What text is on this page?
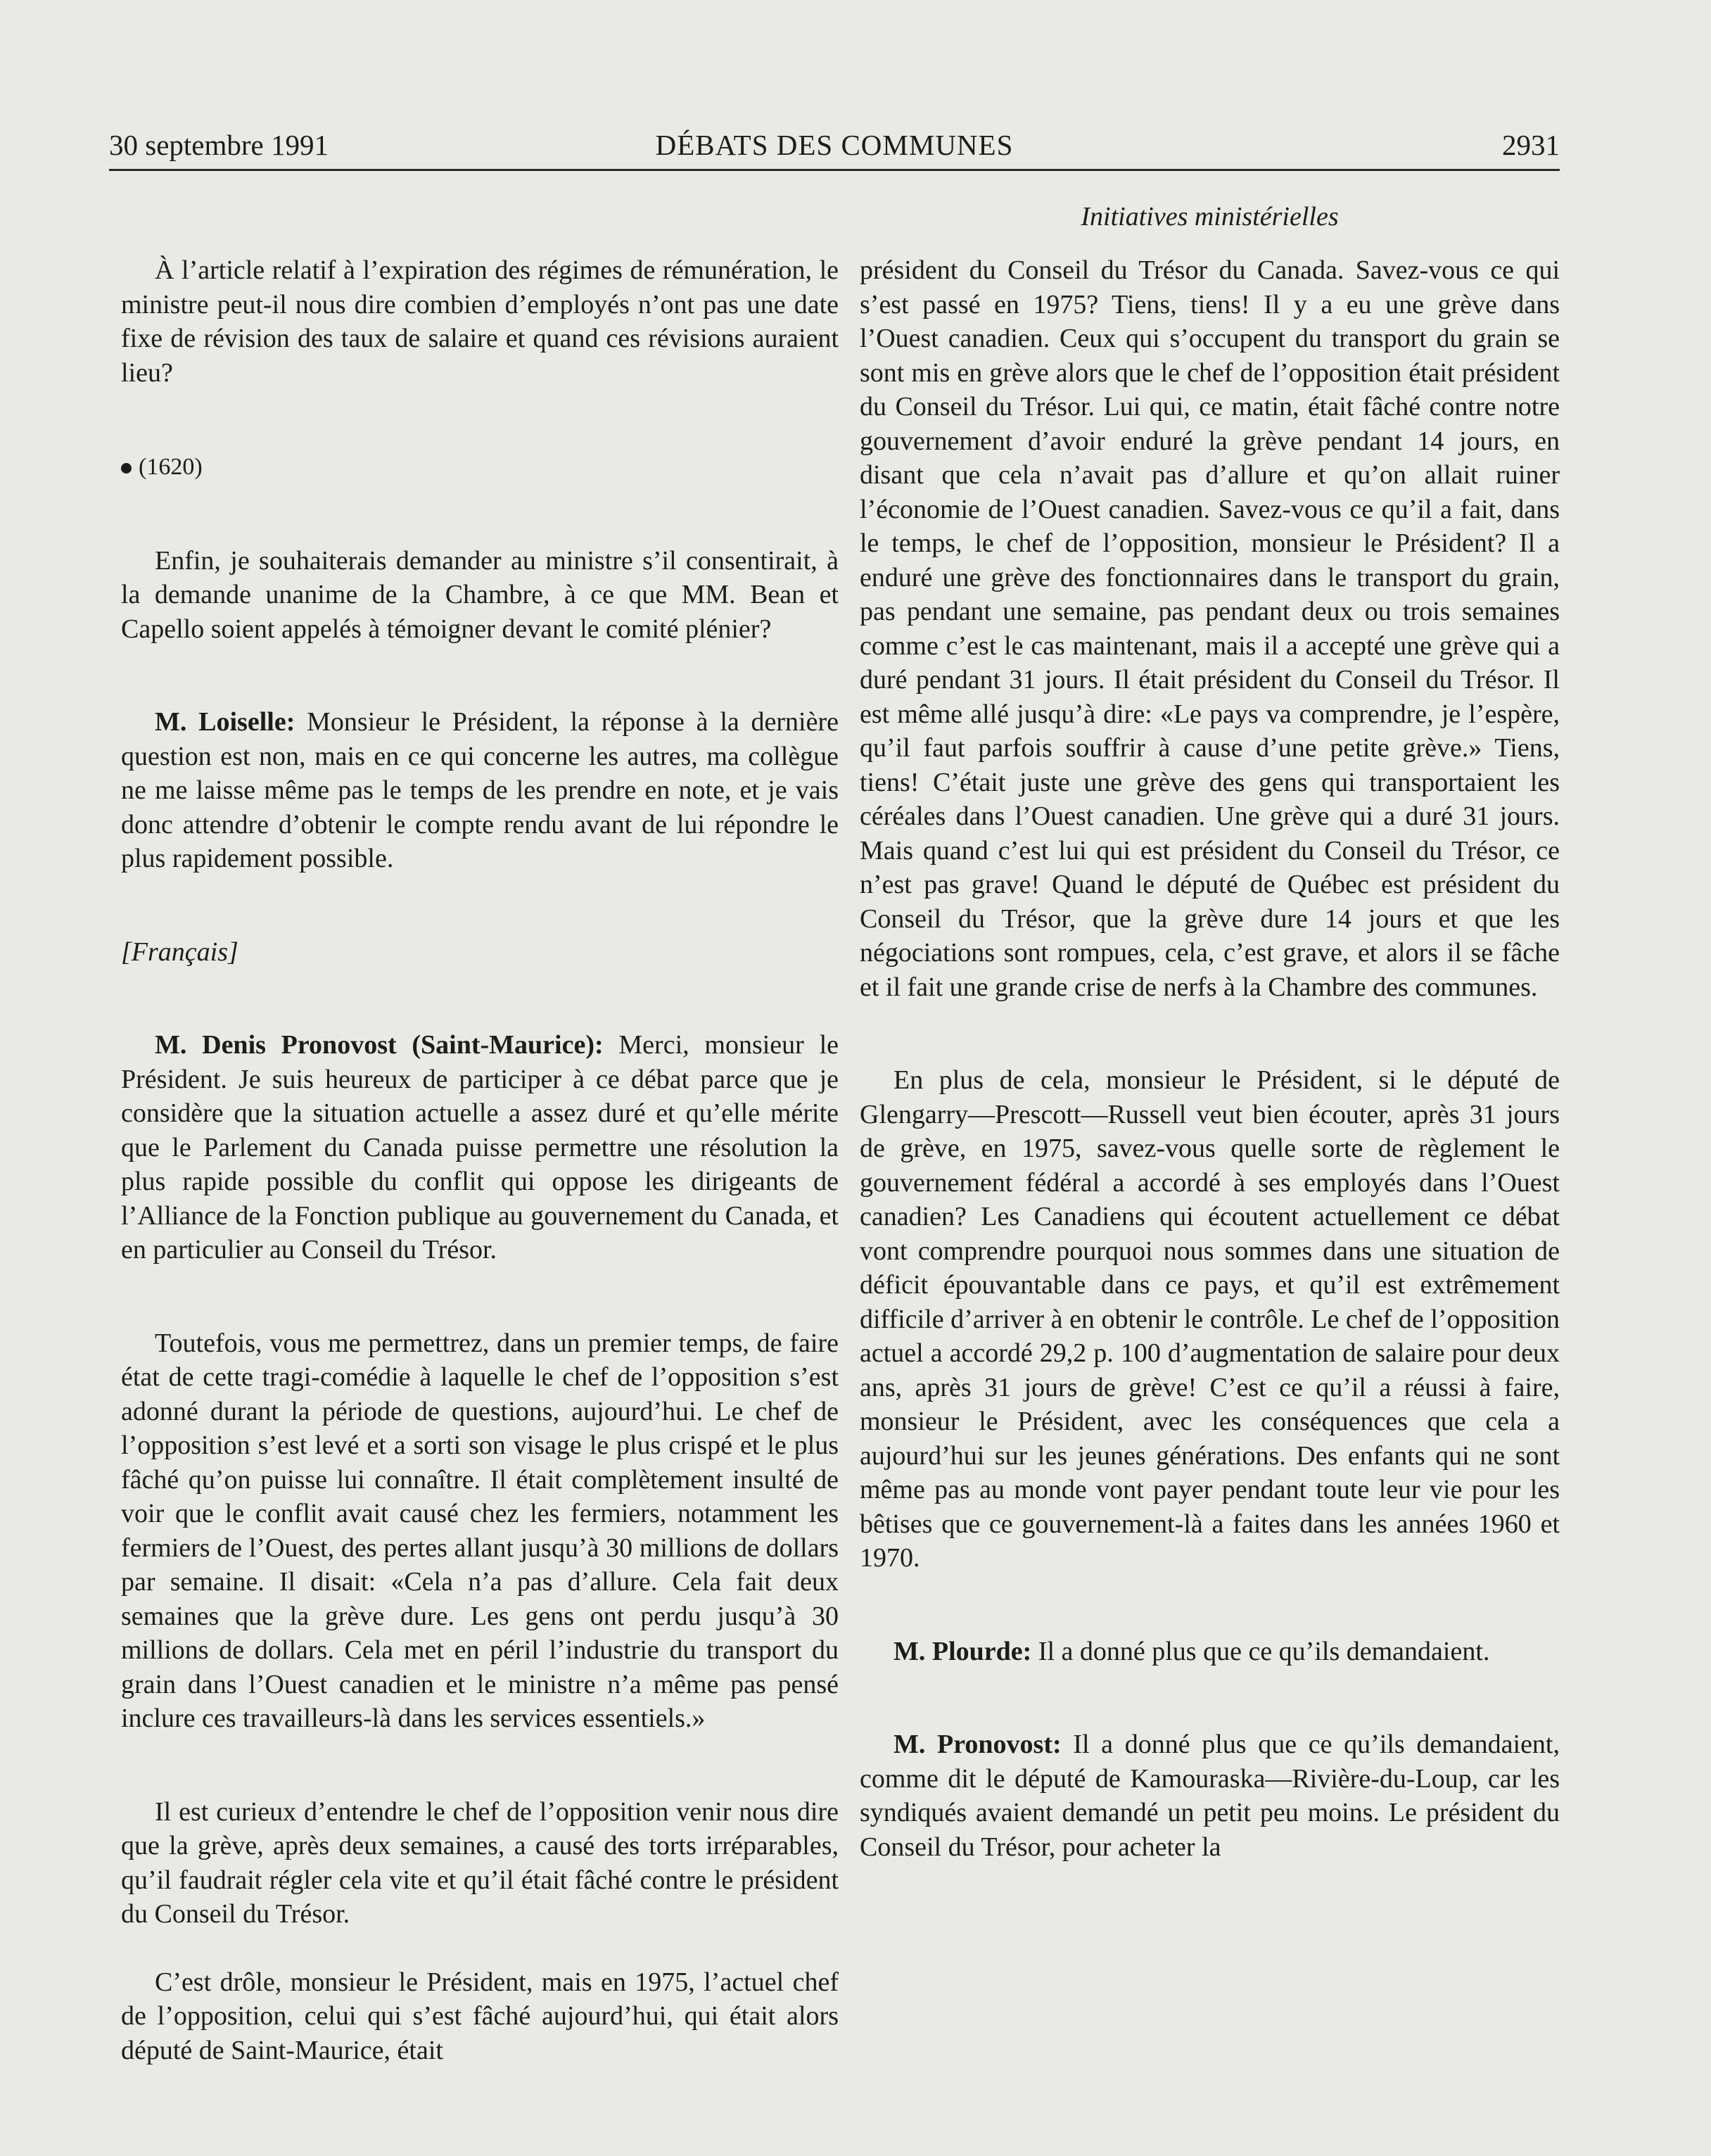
30 septembre 1991	DÉBATS DES COMMUNES	2931
Initiatives ministérielles

À l’article relatif à l’expiration des régimes de rémunération, le ministre peut-il nous dire combien d’employés n’ont pas une date fixe de révision des taux de salaire et quand ces révisions auraient lieu?

(1620)

Enfin, je souhaiterais demander au ministre s’il consentirait, à la demande unanime de la Chambre, à ce que MM. Bean et Capello soient appelés à témoigner devant le comité plénier?

M. Loiselle: Monsieur le Président, la réponse à la dernière question est non, mais en ce qui concerne les autres, ma collègue ne me laisse même pas le temps de les prendre en note, et je vais donc attendre d’obtenir le compte rendu avant de lui répondre le plus rapidement possible.

[Français]

M. Denis Pronovost (Saint-Maurice): Merci, monsieur le Président. Je suis heureux de participer à ce débat parce que je considère que la situation actuelle a assez duré et qu’elle mérite que le Parlement du Canada puisse permettre une résolution la plus rapide possible du conflit qui oppose les dirigeants de l’Alliance de la Fonction publique au gouvernement du Canada, et en particulier au Conseil du Trésor.

Toutefois, vous me permettrez, dans un premier temps, de faire état de cette tragi-comédie à laquelle le chef de l’opposition s’est adonné durant la période de questions, aujourd’hui. Le chef de l’opposition s’est levé et a sorti son visage le plus crispé et le plus fâché qu’on puisse lui connaître. Il était complètement insulté de voir que le conflit avait causé chez les fermiers, notamment les fermiers de l’Ouest, des pertes allant jusqu’à 30 millions de dollars par semaine. Il disait: «Cela n’a pas d’allure. Cela fait deux semaines que la grève dure. Les gens ont perdu jusqu’à 30 millions de dollars. Cela met en péril l’industrie du transport du grain dans l’Ouest canadien et le ministre n’a même pas pensé inclure ces travailleurs-là dans les services essentiels.»

Il est curieux d’entendre le chef de l’opposition venir nous dire que la grève, après deux semaines, a causé des torts irréparables, qu’il faudrait régler cela vite et qu’il était fâché contre le président du Conseil du Trésor.

C’est drôle, monsieur le Président, mais en 1975, l’actuel chef de l’opposition, celui qui s’est fâché aujourd’hui, qui était alors député de Saint-Maurice, était

président du Conseil du Trésor du Canada. Savez-vous ce qui s’est passé en 1975? Tiens, tiens! Il y a eu une grève dans l’Ouest canadien. Ceux qui s’occupent du transport du grain se sont mis en grève alors que le chef de l’opposition était président du Conseil du Trésor. Lui qui, ce matin, était fâché contre notre gouvernement d’avoir enduré la grève pendant 14 jours, en disant que cela n’avait pas d’allure et qu’on allait ruiner l’économie de l’Ouest canadien. Savez-vous ce qu’il a fait, dans le temps, le chef de l’opposition, monsieur le Président? Il a enduré une grève des fonctionnaires dans le transport du grain, pas pendant une semaine, pas pendant deux ou trois semaines comme c’est le cas maintenant, mais il a accepté une grève qui a duré pendant 31 jours. Il était président du Conseil du Trésor. Il est même allé jusqu’à dire: «Le pays va comprendre, je l’espère, qu’il faut parfois souffrir à cause d’une petite grève.» Tiens, tiens! C’était juste une grève des gens qui transportaient les céréales dans l’Ouest canadien. Une grève qui a duré 31 jours. Mais quand c’est lui qui est président du Conseil du Trésor, ce n’est pas grave! Quand le député de Québec est président du Conseil du Trésor, que la grève dure 14 jours et que les négociations sont rompues, cela, c’est grave, et alors il se fâche et il fait une grande crise de nerfs à la Chambre des communes.

En plus de cela, monsieur le Président, si le député de Glengarry—Prescott—Russell veut bien écouter, après 31 jours de grève, en 1975, savez-vous quelle sorte de règlement le gouvernement fédéral a accordé à ses employés dans l’Ouest canadien? Les Canadiens qui écoutent actuellement ce débat vont comprendre pourquoi nous sommes dans une situation de déficit épouvantable dans ce pays, et qu’il est extrêmement difficile d’arriver à en obtenir le contrôle. Le chef de l’opposition actuel a accordé 29,2 p. 100 d’augmentation de salaire pour deux ans, après 31 jours de grève! C’est ce qu’il a réussi à faire, monsieur le Président, avec les conséquences que cela a aujourd’hui sur les jeunes générations. Des enfants qui ne sont même pas au monde vont payer pendant toute leur vie pour les bêtises que ce gouvernement-là a faites dans les années 1960 et 1970.

M. Plourde: Il a donné plus que ce qu’ils demandaient.

M. Pronovost: Il a donné plus que ce qu’ils demandaient, comme dit le député de Kamouraska—Rivière-du-Loup, car les syndiqués avaient demandé un petit peu moins. Le président du Conseil du Trésor, pour acheter la
